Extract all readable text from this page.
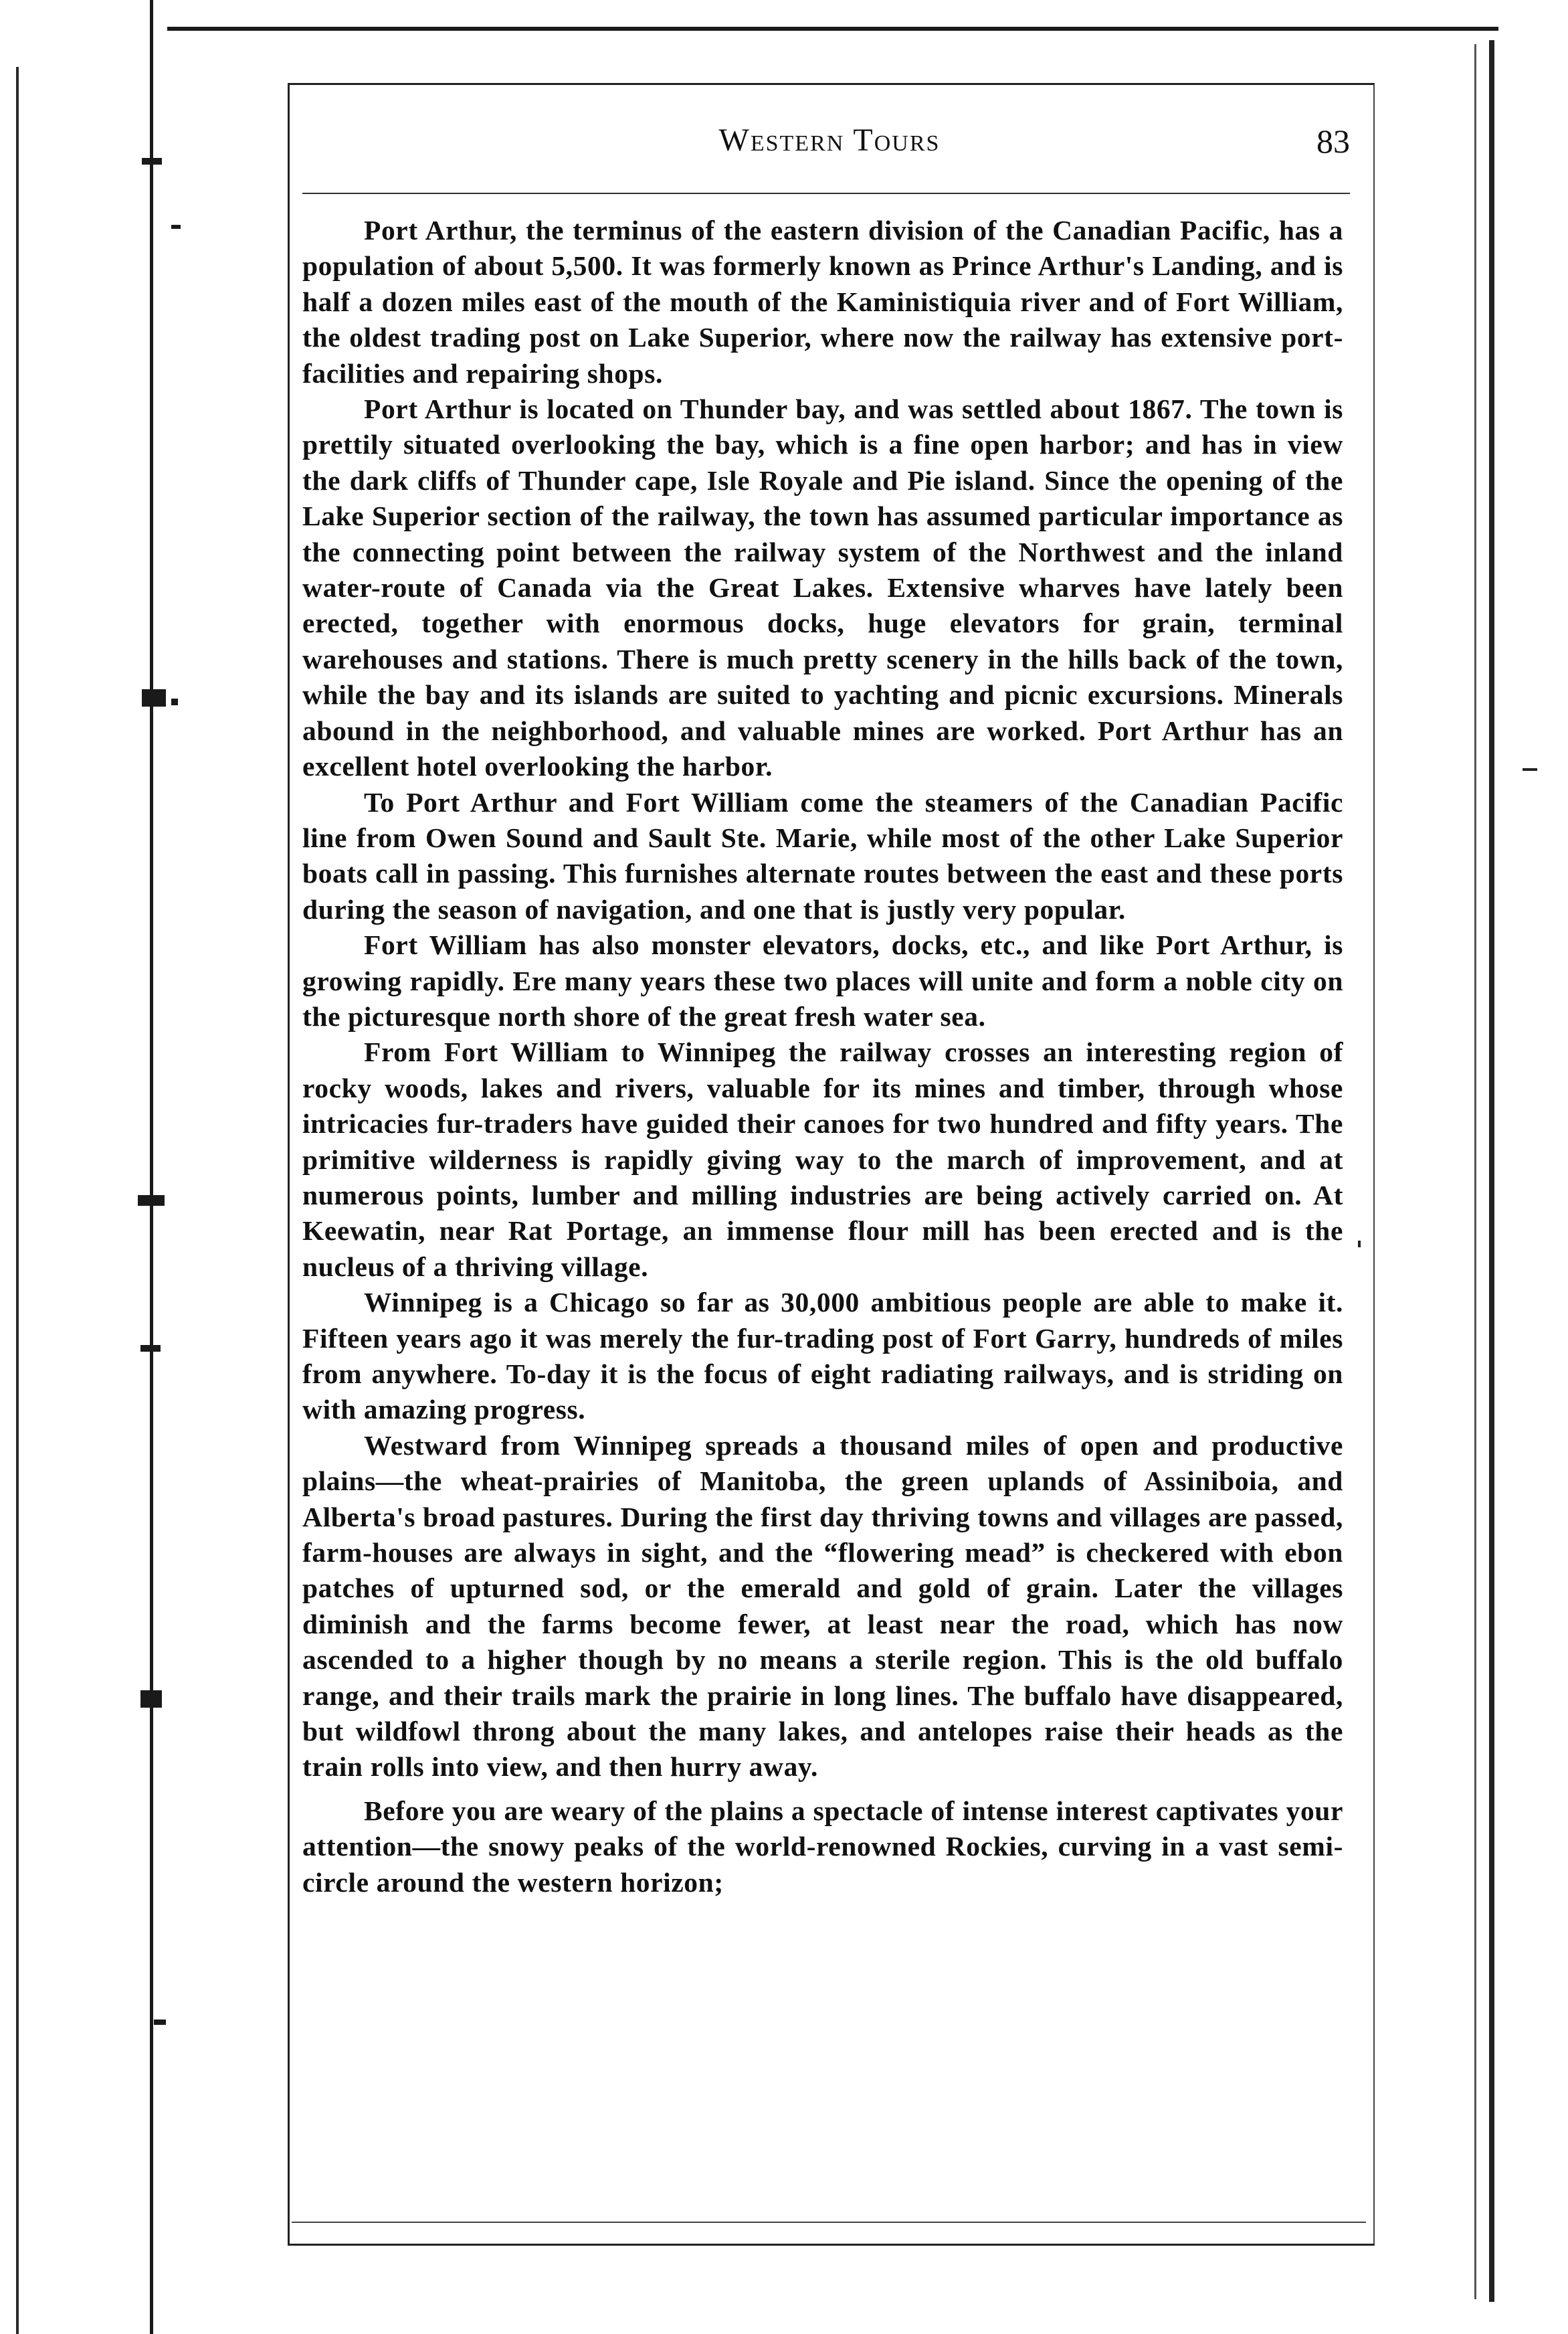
Western Tours	83

Port Arthur, the terminus of the eastern division of the Canadian Pacific, has a population of about 5,500. It was formerly known as Prince Arthur's Landing, and is half a dozen miles east of the mouth of the Kaministiquia river and of Fort William, the oldest trading post on Lake Superior, where now the railway has extensive port-facilities and repairing shops.

Port Arthur is located on Thunder bay, and was settled about 1867. The town is prettily situated overlooking the bay, which is a fine open harbor; and has in view the dark cliffs of Thunder cape, Isle Royale and Pie island. Since the opening of the Lake Superior section of the railway, the town has assumed particular importance as the connecting point between the railway system of the Northwest and the inland water-route of Canada via the Great Lakes. Extensive wharves have lately been erected, together with enormous docks, huge elevators for grain, terminal warehouses and stations. There is much pretty scenery in the hills back of the town, while the bay and its islands are suited to yachting and picnic excursions. Minerals abound in the neighborhood, and valuable mines are worked. Port Arthur has an excellent hotel overlooking the harbor.

To Port Arthur and Fort William come the steamers of the Canadian Pacific line from Owen Sound and Sault Ste. Marie, while most of the other Lake Superior boats call in passing. This furnishes alternate routes between the east and these ports during the season of navigation, and one that is justly very popular.

Fort William has also monster elevators, docks, etc., and like Port Arthur, is growing rapidly. Ere many years these two places will unite and form a noble city on the picturesque north shore of the great fresh water sea.

From Fort William to Winnipeg the railway crosses an interesting region of rocky woods, lakes and rivers, valuable for its mines and timber, through whose intricacies fur-traders have guided their canoes for two hundred and fifty years. The primitive wilderness is rapidly giving way to the march of improvement, and at numerous points, lumber and milling industries are being actively carried on. At Keewatin, near Rat Portage, an immense flour mill has been erected and is the nucleus of a thriving village.

Winnipeg is a Chicago so far as 30,000 ambitious people are able to make it. Fifteen years ago it was merely the fur-trading post of Fort Garry, hundreds of miles from anywhere. To-day it is the focus of eight radiating railways, and is striding on with amazing progress.

Westward from Winnipeg spreads a thousand miles of open and productive plains—the wheat-prairies of Manitoba, the green uplands of Assiniboia, and Alberta's broad pastures. During the first day thriving towns and villages are passed, farm-houses are always in sight, and the “flowering mead” is checkered with ebon patches of upturned sod, or the emerald and gold of grain. Later the villages diminish and the farms become fewer, at least near the road, which has now ascended to a higher though by no means a sterile region. This is the old buffalo range, and their trails mark the prairie in long lines. The buffalo have disappeared, but wildfowl throng about the many lakes, and antelopes raise their heads as the train rolls into view, and then hurry away.

Before you are weary of the plains a spectacle of intense interest captivates your attention—the snowy peaks of the world-renowned Rockies, curving in a vast semi-circle around the western horizon;
